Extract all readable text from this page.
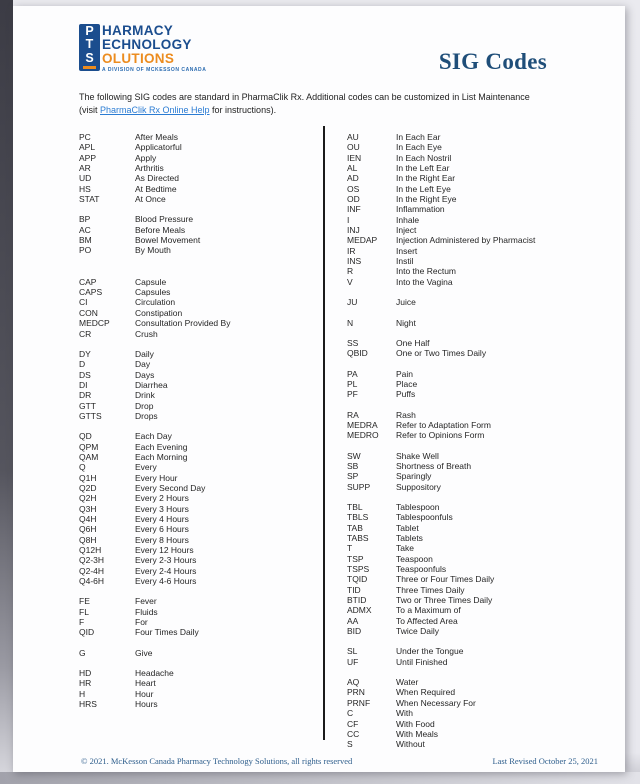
P
T
S
HARMACY
ECHNOLOGY
OLUTIONS
A DIVISION OF MCKESSON CANADA	SIG Codes

The following SIG codes are standard in PharmaClik Rx. Additional codes can be customized in List Maintenance (visit PharmaClik Rx Online Help for instructions).

PC	After Meals
APL	Applicatorful
APP	Apply
AR	Arthritis
UD	As Directed
HS	At Bedtime
STAT	At Once
BP	Blood Pressure
AC	Before Meals
BM	Bowel Movement
PO	By Mouth
CAP	Capsule
CAPS	Capsules
CI	Circulation
CON	Constipation
MEDCP	Consultation Provided By
CR	Crush
DY	Daily
D	Day
DS	Days
DI	Diarrhea
DR	Drink
GTT	Drop
GTTS	Drops
QD	Each Day
QPM	Each Evening
QAM	Each Morning
Q	Every
Q1H	Every Hour
Q2D	Every Second Day
Q2H	Every 2 Hours
Q3H	Every 3 Hours
Q4H	Every 4 Hours
Q6H	Every 6 Hours
Q8H	Every 8 Hours
Q12H	Every 12 Hours
Q2-3H	Every 2-3 Hours
Q2-4H	Every 2-4 Hours
Q4-6H	Every 4-6 Hours
FE	Fever
FL	Fluids
F	For
QID	Four Times Daily
G	Give
HD	Headache
HR	Heart
H	Hour
HRS	Hours
AU	In Each Ear
OU	In Each Eye
IEN	In Each Nostril
AL	In the Left Ear
AD	In the Right Ear
OS	In the Left Eye
OD	In the Right Eye
INF	Inflammation
I	Inhale
INJ	Inject
MEDAP	Injection Administered by Pharmacist
IR	Insert
INS	Instil
R	Into the Rectum
V	Into the Vagina
JU	Juice
N	Night
SS	One Half
QBID	One or Two Times Daily
PA	Pain
PL	Place
PF	Puffs
RA	Rash
MEDRA	Refer to Adaptation Form
MEDRO	Refer to Opinions Form
SW	Shake Well
SB	Shortness of Breath
SP	Sparingly
SUPP	Suppository
TBL	Tablespoon
TBLS	Tablespoonfuls
TAB	Tablet
TABS	Tablets
T	Take
TSP	Teaspoon
TSPS	Teaspoonfuls
TQID	Three or Four Times Daily
TID	Three Times Daily
BTID	Two or Three Times Daily
ADMX	To a Maximum of
AA	To Affected Area
BID	Twice Daily
SL	Under the Tongue
UF	Until Finished
AQ	Water
PRN	When Required
PRNF	When Necessary For
C	With
CF	With Food
CC	With Meals
S	Without
© 2021. McKesson Canada Pharmacy Technology Solutions, all rights reserved	Last Revised October 25, 2021
